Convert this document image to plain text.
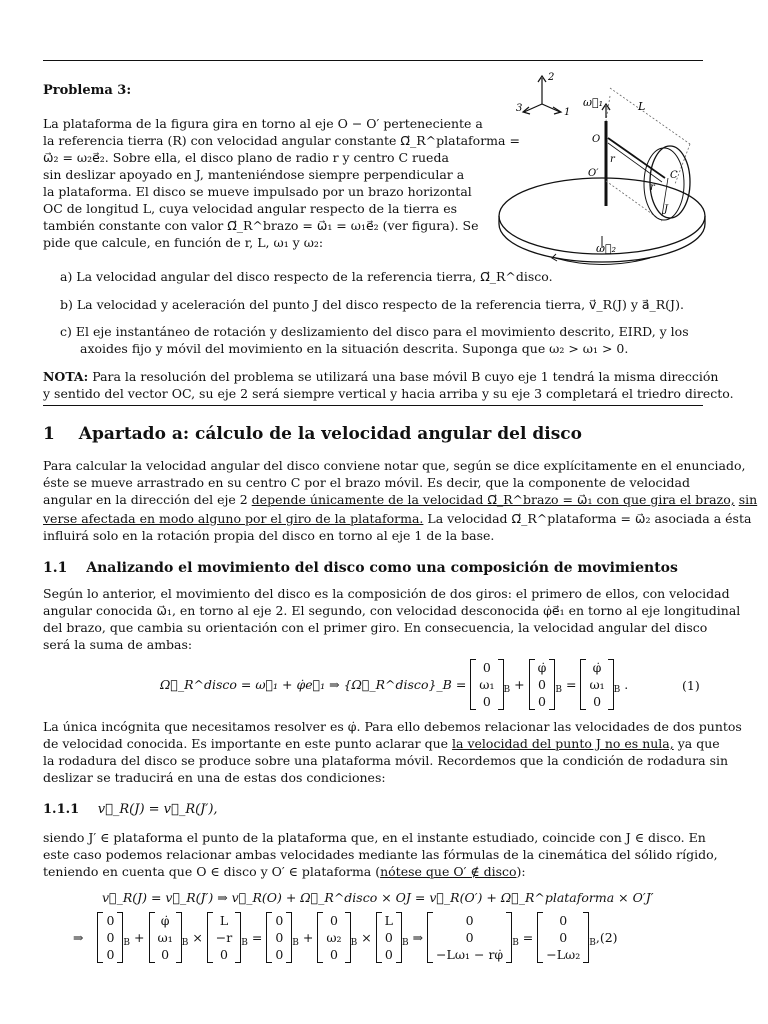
Problema 3:
La plataforma de la figura gira en torno al eje O − O′ perteneciente a
la referencia tierra (R) con velocidad angular constante Ω⃗_R^plataforma =
ω⃗₂ = ω₂e⃗₂. Sobre ella, el disco plano de radio r y centro C rueda
sin deslizar apoyado en J, manteniéndose siempre perpendicular a
la plataforma. El disco se mueve impulsado por un brazo horizontal
OC de longitud L, cuya velocidad angular respecto de la tierra es
también constante con valor Ω⃗_R^brazo = ω⃗₁ = ω₁e⃗₂ (ver figura). Se
pide que calcule, en función de r, L, ω₁ y ω₂:
2
3	1
ω⃗₁	L
O
O′
r
C
r
J
ω⃗₂
a) La velocidad angular del disco respecto de la referencia tierra, Ω⃗_R^disco.
b) La velocidad y aceleración del punto J del disco respecto de la referencia tierra, v⃗_R(J) y a⃗_R(J).
c) El eje instantáneo de rotación y deslizamiento del disco para el movimiento descrito, EIRD, y los
axoides fijo y móvil del movimiento en la situación descrita. Suponga que ω₂ > ω₁ > 0.
NOTA: Para la resolución del problema se utilizará una base móvil B cuyo eje 1 tendrá la misma dirección
y sentido del vector OC, su eje 2 será siempre vertical y hacia arriba y su eje 3 completará el triedro directo.
1 Apartado a: cálculo de la velocidad angular del disco
Para calcular la velocidad angular del disco conviene notar que, según se dice explícitamente en el enunciado,
éste se mueve arrastrado en su centro C por el brazo móvil. Es decir, que la componente de velocidad
angular en la dirección del eje 2 depende únicamente de la velocidad Ω⃗_R^brazo = ω⃗₁ con que gira el brazo, sin
verse afectada en modo alguno por el giro de la plataforma. La velocidad Ω⃗_R^plataforma = ω⃗₂ asociada a ésta
influirá solo en la rotación propia del disco en torno al eje 1 de la base.
1.1 Analizando el movimiento del disco como una composición de movimientos
Según lo anterior, el movimiento del disco es la composición de dos giros: el primero de ellos, con velocidad
angular conocida ω⃗₁, en torno al eje 2. El segundo, con velocidad desconocida φ̇e⃗₁ en torno al eje longitudinal
del brazo, que cambia su orientación con el primer giro. En consecuencia, la velocidad angular del disco
será la suma de ambas:
Ω⃗_R^disco = ω⃗₁ + φ̇e⃗₁ ⇒ {Ω⃗_R^disco}_B =
0
ω₁
0
$_B$ +
φ̇
0
0
$_B$ =
φ̇
ω₁
0
$_B$ .	(1)
La única incógnita que necesitamos resolver es φ̇. Para ello debemos relacionar las velocidades de dos puntos
de velocidad conocida. Es importante en este punto aclarar que la velocidad del punto J no es nula, ya que
la rodadura del disco se produce sobre una plataforma móvil. Recordemos que la condición de rodadura sin
deslizar se traducirá en una de estas dos condiciones:
1.1.1 v⃗_R(J) = v⃗_R(J′),
siendo J′ ∈ plataforma el punto de la plataforma que, en el instante estudiado, coincide con J ∈ disco. En
este caso podemos relacionar ambas velocidades mediante las fórmulas de la cinemática del sólido rígido,
teniendo en cuenta que O ∈ disco y O′ ∈ plataforma (nótese que O′ ∉ disco):
v⃗_R(J) = v⃗_R(J′) ⇒ v⃗_R(O) + Ω⃗_R^disco × OJ = v⃗_R(O′) + Ω⃗_R^plataforma × O′J′
⇒
0
0
0
$_B$ +
φ̇
ω₁
0
$_B$ ×
L
−r
0
$_B$ =
0
0
0
$_B$ +
0
ω₂
0
$_B$ ×
L
0
0
$_B$ ⇒
0
0
−Lω₁ − rφ̇
$_B$ =
0
0
−Lω₂
$_B$,(2)
